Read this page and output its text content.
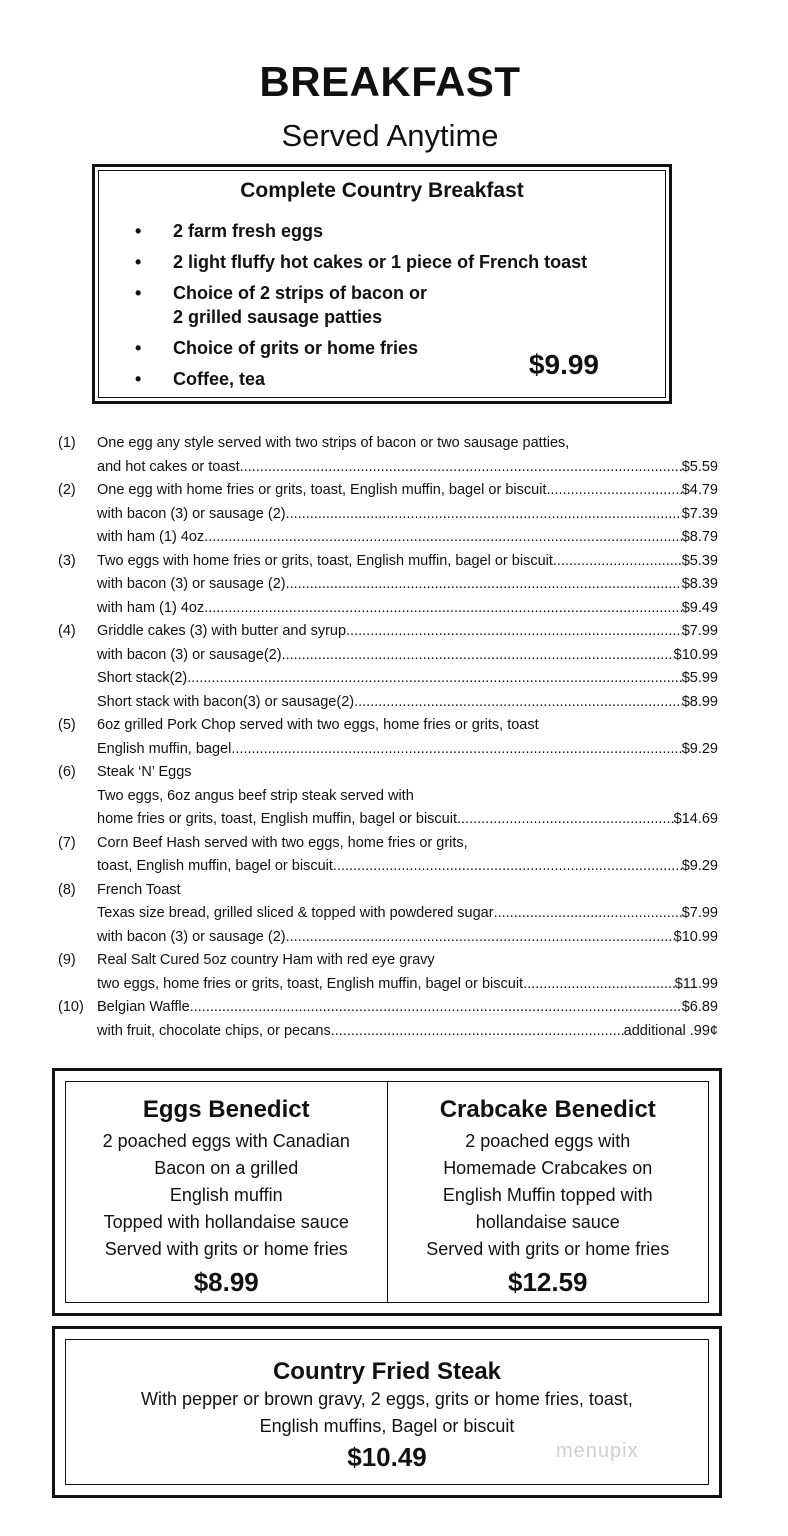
BREAKFAST
Served Anytime
Complete Country Breakfast
• 2 farm fresh eggs
• 2 light fluffy hot cakes or 1 piece of French toast
• Choice of 2 strips of bacon or
2 grilled sausage patties
• Choice of grits or home fries
• Coffee, tea	$9.99
(1)	One egg any style served with two strips of bacon or two sausage patties,
and hot cakes or toast .....	$5.59
(2)	One egg with home fries or grits, toast, English muffin, bagel or biscuit .....	$4.79
with bacon (3) or sausage (2) .....	$7.39
with ham (1) 4oz .....	$8.79
(3)	Two eggs with home fries or grits, toast, English muffin, bagel or biscuit .....	$5.39
with bacon (3) or sausage (2) .....	$8.39
with ham (1) 4oz .....	$9.49
(4)	Griddle cakes (3) with butter and syrup .....	$7.99
with bacon (3) or sausage(2) .....	$10.99
Short stack(2) .....	$5.99
Short stack with bacon(3) or sausage(2) .....	$8.99
(5)	6oz grilled Pork Chop served with two eggs, home fries or grits, toast
English muffin, bagel .....	$9.29
(6)	Steak ‘N’ Eggs
Two eggs, 6oz angus beef strip steak served with
home fries or grits, toast, English muffin, bagel or biscuit .....	$14.69
(7)	Corn Beef Hash served with two eggs, home fries or grits,
toast, English muffin, bagel or biscuit .....	$9.29
(8)	French Toast
Texas size bread, grilled sliced & topped with powdered sugar .....	$7.99
with bacon (3) or sausage (2) .....	$10.99
(9)	Real Salt Cured 5oz country Ham with red eye gravy
two eggs, home fries or grits, toast, English muffin, bagel or biscuit .....	$11.99
(10) Belgian Waffle .....	$6.89
with fruit, chocolate chips, or pecans .....	additional .99¢
Eggs Benedict
2 poached eggs with Canadian
Bacon on a grilled
English muffin
Topped with hollandaise sauce
Served with grits or home fries
$8.99
Crabcake Benedict
2 poached eggs with
Homemade Crabcakes on
English Muffin topped with
hollandaise sauce
Served with grits or home fries
$12.59
Country Fried Steak
With pepper or brown gravy, 2 eggs, grits or home fries, toast,
English muffins, Bagel or biscuit
$10.49	menupix
